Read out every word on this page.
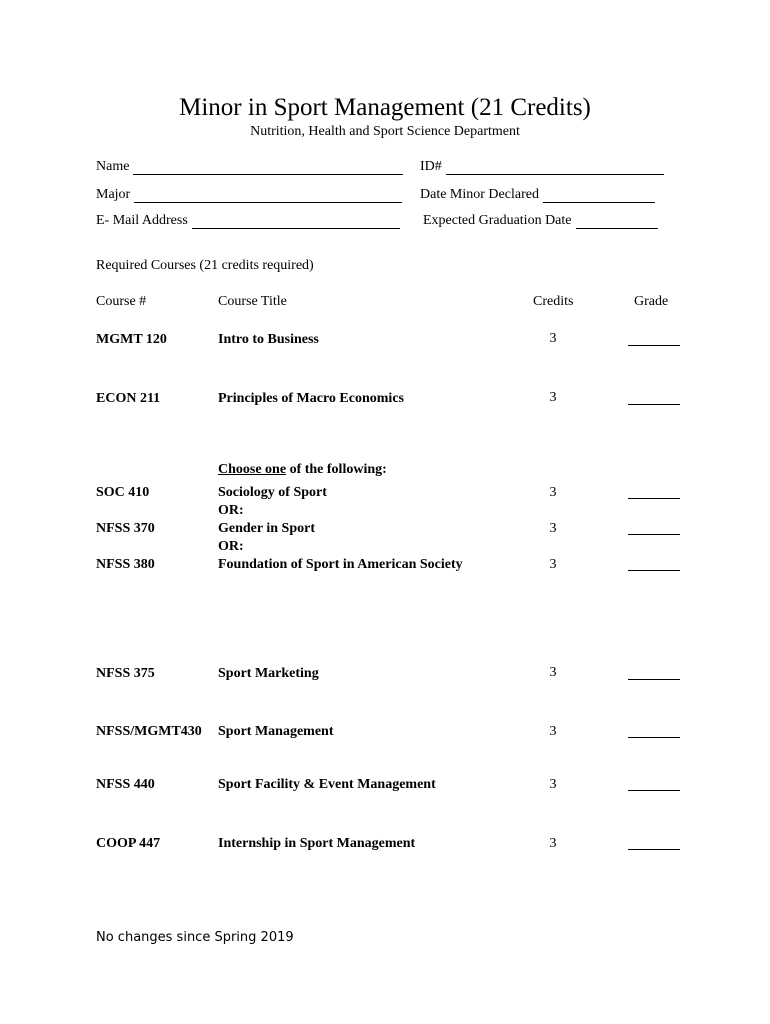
Minor in Sport Management (21 Credits)
Nutrition, Health and Sport Science Department
Name	ID#
Major	Date Minor Declared
E- Mail Address	Expected Graduation Date
Required Courses (21 credits required)
Course #	Course Title	Credits	Grade
MGMT 120	Intro to Business	3
ECON 211	Principles of Macro Economics	3
Choose one of the following:
SOC 410	Sociology of Sport	3
OR:
NFSS 370	Gender in Sport	3
OR:
NFSS 380	Foundation of Sport in American Society	3
NFSS 375	Sport Marketing	3
NFSS/MGMT430 Sport Management	3
NFSS 440	Sport Facility & Event Management	3
COOP 447	Internship in Sport Management	3
No changes since Spring 2019
